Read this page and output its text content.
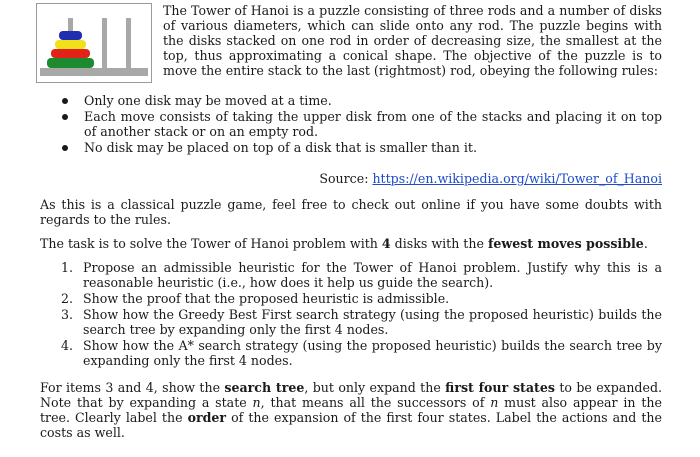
The Tower of Hanoi is a puzzle consisting of three rods and a number of disks of various diameters, which can slide onto any rod. The puzzle begins with the disks stacked on one rod in order of decreasing size, the smallest at the top, thus approximating a conical shape. The objective of the puzzle is to move the entire stack to the last (rightmost) rod, obeying the following rules:
Only one disk may be moved at a time.
Each move consists of taking the upper disk from one of the stacks and placing it on top of another stack or on an empty rod.
No disk may be placed on top of a disk that is smaller than it.
Source: https://en.wikipedia.org/wiki/Tower_of_Hanoi
As this is a classical puzzle game, feel free to check out online if you have some doubts with regards to the rules.
The task is to solve the Tower of Hanoi problem with 4 disks with the fewest moves possible.
1. Propose an admissible heuristic for the Tower of Hanoi problem. Justify why this is a reasonable heuristic (i.e., how does it help us guide the search).
2. Show the proof that the proposed heuristic is admissible.
3. Show how the Greedy Best First search strategy (using the proposed heuristic) builds the search tree by expanding only the first 4 nodes.
4. Show how the A* search strategy (using the proposed heuristic) builds the search tree by expanding only the first 4 nodes.
For items 3 and 4, show the search tree, but only expand the first four states to be expanded. Note that by expanding a state n, that means all the successors of n must also appear in the tree. Clearly label the order of the expansion of the first four states. Label the actions and the costs as well.
